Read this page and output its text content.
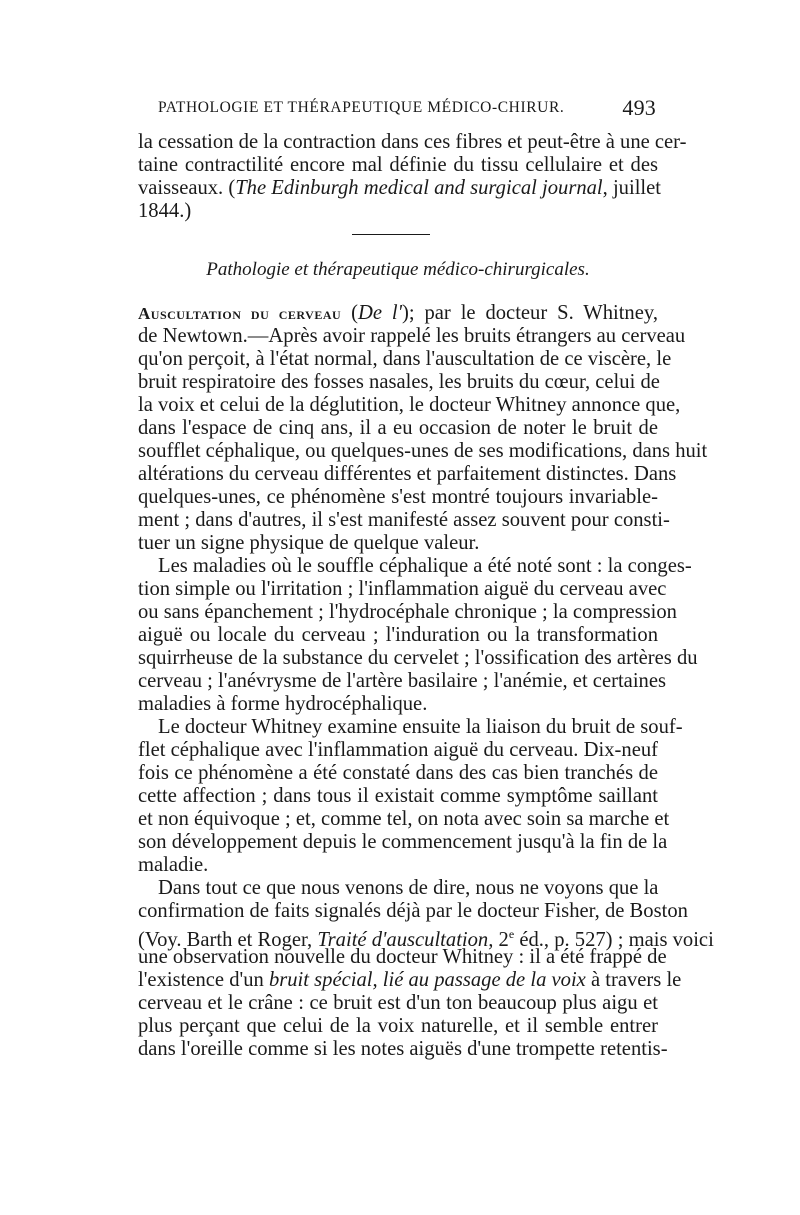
PATHOLOGIE ET THÉRAPEUTIQUE MÉDICO-CHIRUR.	493
la cessation de la contraction dans ces fibres et peut-être à une cer-
taine contractilité encore mal définie du tissu cellulaire et des
vaisseaux. (The Edinburgh medical and surgical journal, juillet
1844.)
Pathologie et thérapeutique médico-chirurgicales.
Auscultation du cerveau (De l'); par le docteur S. Whitney,
de Newtown.—Après avoir rappelé les bruits étrangers au cerveau
qu'on perçoit, à l'état normal, dans l'auscultation de ce viscère, le
bruit respiratoire des fosses nasales, les bruits du cœur, celui de
la voix et celui de la déglutition, le docteur Whitney annonce que,
dans l'espace de cinq ans, il a eu occasion de noter le bruit de
soufflet céphalique, ou quelques-unes de ses modifications, dans huit
altérations du cerveau différentes et parfaitement distinctes. Dans
quelques-unes, ce phénomène s'est montré toujours invariable-
ment ; dans d'autres, il s'est manifesté assez souvent pour consti-
tuer un signe physique de quelque valeur.
Les maladies où le souffle céphalique a été noté sont : la conges-
tion simple ou l'irritation ; l'inflammation aiguë du cerveau avec
ou sans épanchement ; l'hydrocéphale chronique ; la compression
aiguë ou locale du cerveau ; l'induration ou la transformation
squirrheuse de la substance du cervelet ; l'ossification des artères du
cerveau ; l'anévrysme de l'artère basilaire ; l'anémie, et certaines
maladies à forme hydrocéphalique.
Le docteur Whitney examine ensuite la liaison du bruit de souf-
flet céphalique avec l'inflammation aiguë du cerveau. Dix-neuf
fois ce phénomène a été constaté dans des cas bien tranchés de
cette affection ; dans tous il existait comme symptôme saillant
et non équivoque ; et, comme tel, on nota avec soin sa marche et
son développement depuis le commencement jusqu'à la fin de la
maladie.
Dans tout ce que nous venons de dire, nous ne voyons que la
confirmation de faits signalés déjà par le docteur Fisher, de Boston
(Voy. Barth et Roger, Traité d'auscultation, 2e éd., p. 527) ; mais voici
une observation nouvelle du docteur Whitney : il a été frappé de
l'existence d'un bruit spécial, lié au passage de la voix à travers le
cerveau et le crâne : ce bruit est d'un ton beaucoup plus aigu et
plus perçant que celui de la voix naturelle, et il semble entrer
dans l'oreille comme si les notes aiguës d'une trompette retentis-
